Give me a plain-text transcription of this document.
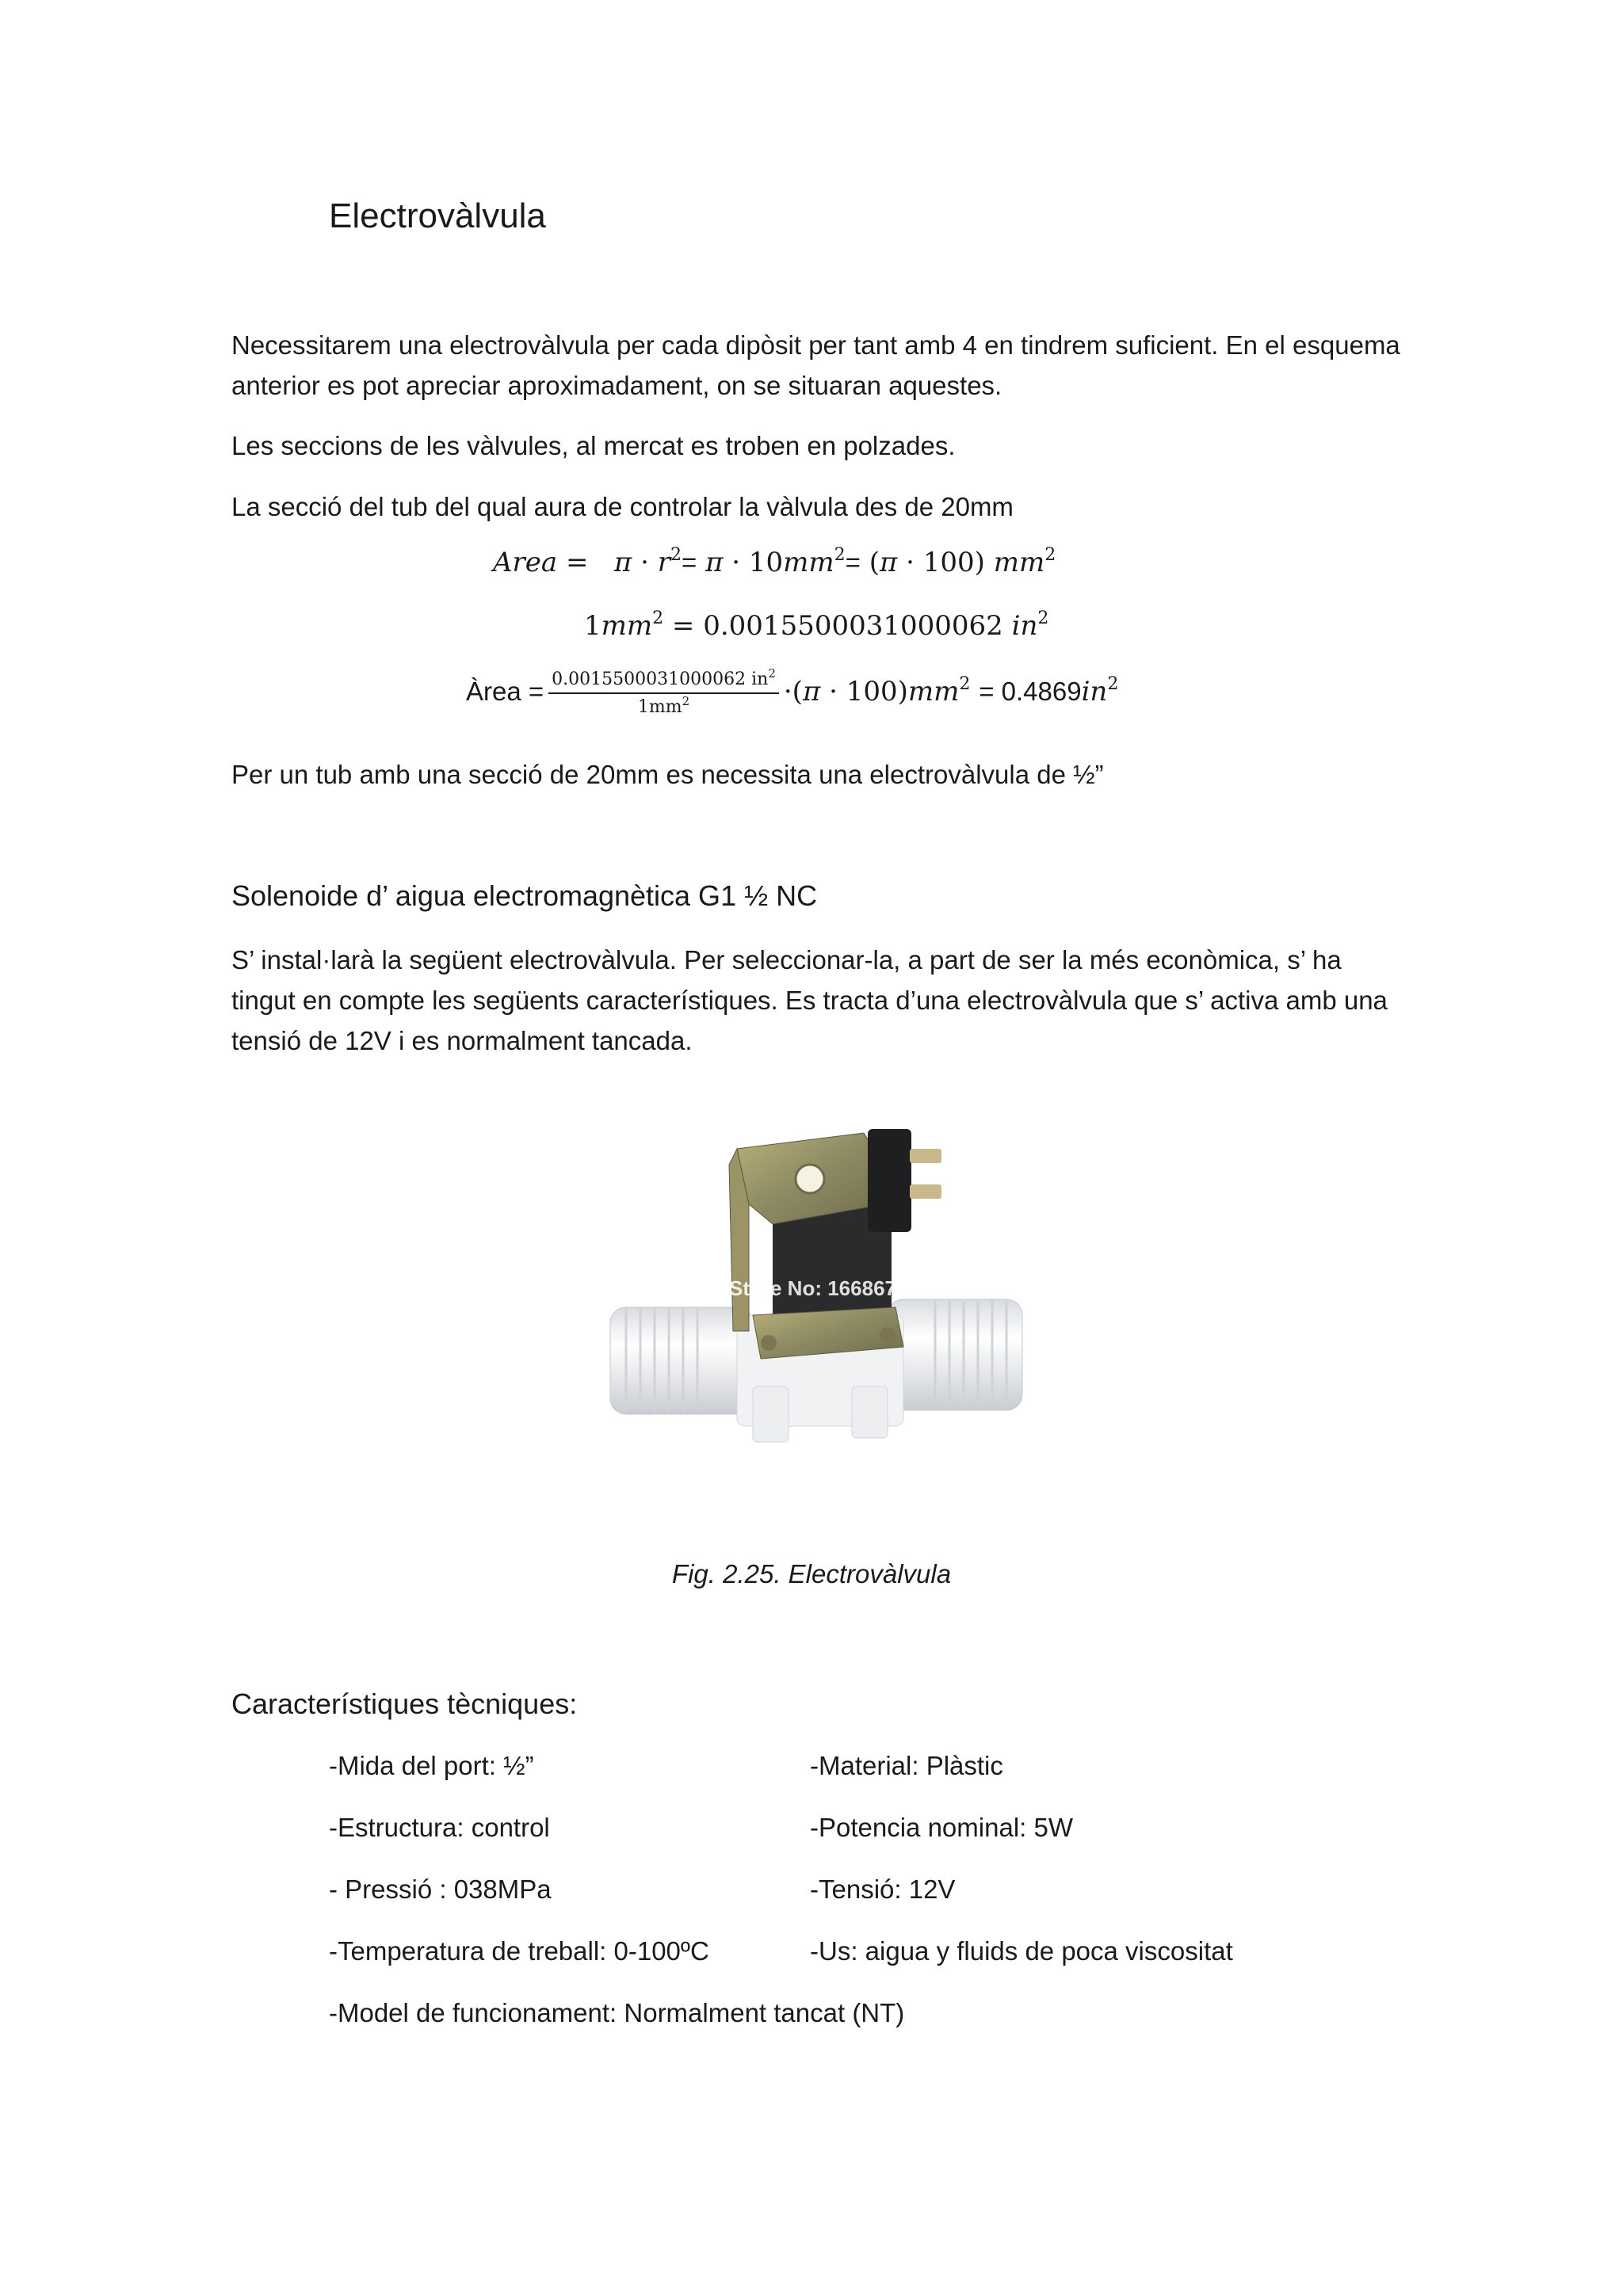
Electrovàlvula
Necessitarem una electrovàlvula per cada dipòsit per tant amb 4 en tindrem suficient. En el esquema anterior es pot apreciar aproximadament, on se situaran aquestes.
Les seccions de les vàlvules, al mercat es troben en polzades.
La secció del tub del qual aura de controlar la vàlvula des de 20mm
Area =   $\pi \cdot r^2= \pi \cdot 10mm^2= (\pi \cdot 100)$ $mm^2$
$1mm^2 = 0.0015500031000062$ $in^2$
Àrea = $\frac{0.0015500031000062 in^2}{1mm^2} \cdot(\pi \cdot 100)mm^2 = 0.4869in^2$
Per un tub amb una secció de 20mm es necessita una electrovàlvula de ½”
Solenoide d’ aigua electromagnètica G1 ½ NC
S’ instal·larà la següent electrovàlvula. Per seleccionar-la, a part de ser la més econòmica, s’ ha tingut en compte les següents característiques. Es tracta d’una electrovàlvula que s’ activa amb una tensió de 12V i es normalment tancada.
Store No: 1668679
Fig. 2.25. Electrovàlvula
Característiques tècniques:
-Mida del port: ½”	-Material: Plàstic
-Estructura: control	-Potencia nominal: 5W
- Pressió : 038MPa	-Tensió: 12V
-Temperatura de treball: 0-100ºC	-Us: aigua y fluids de poca viscositat
-Model de funcionament: Normalment tancat (NT)
